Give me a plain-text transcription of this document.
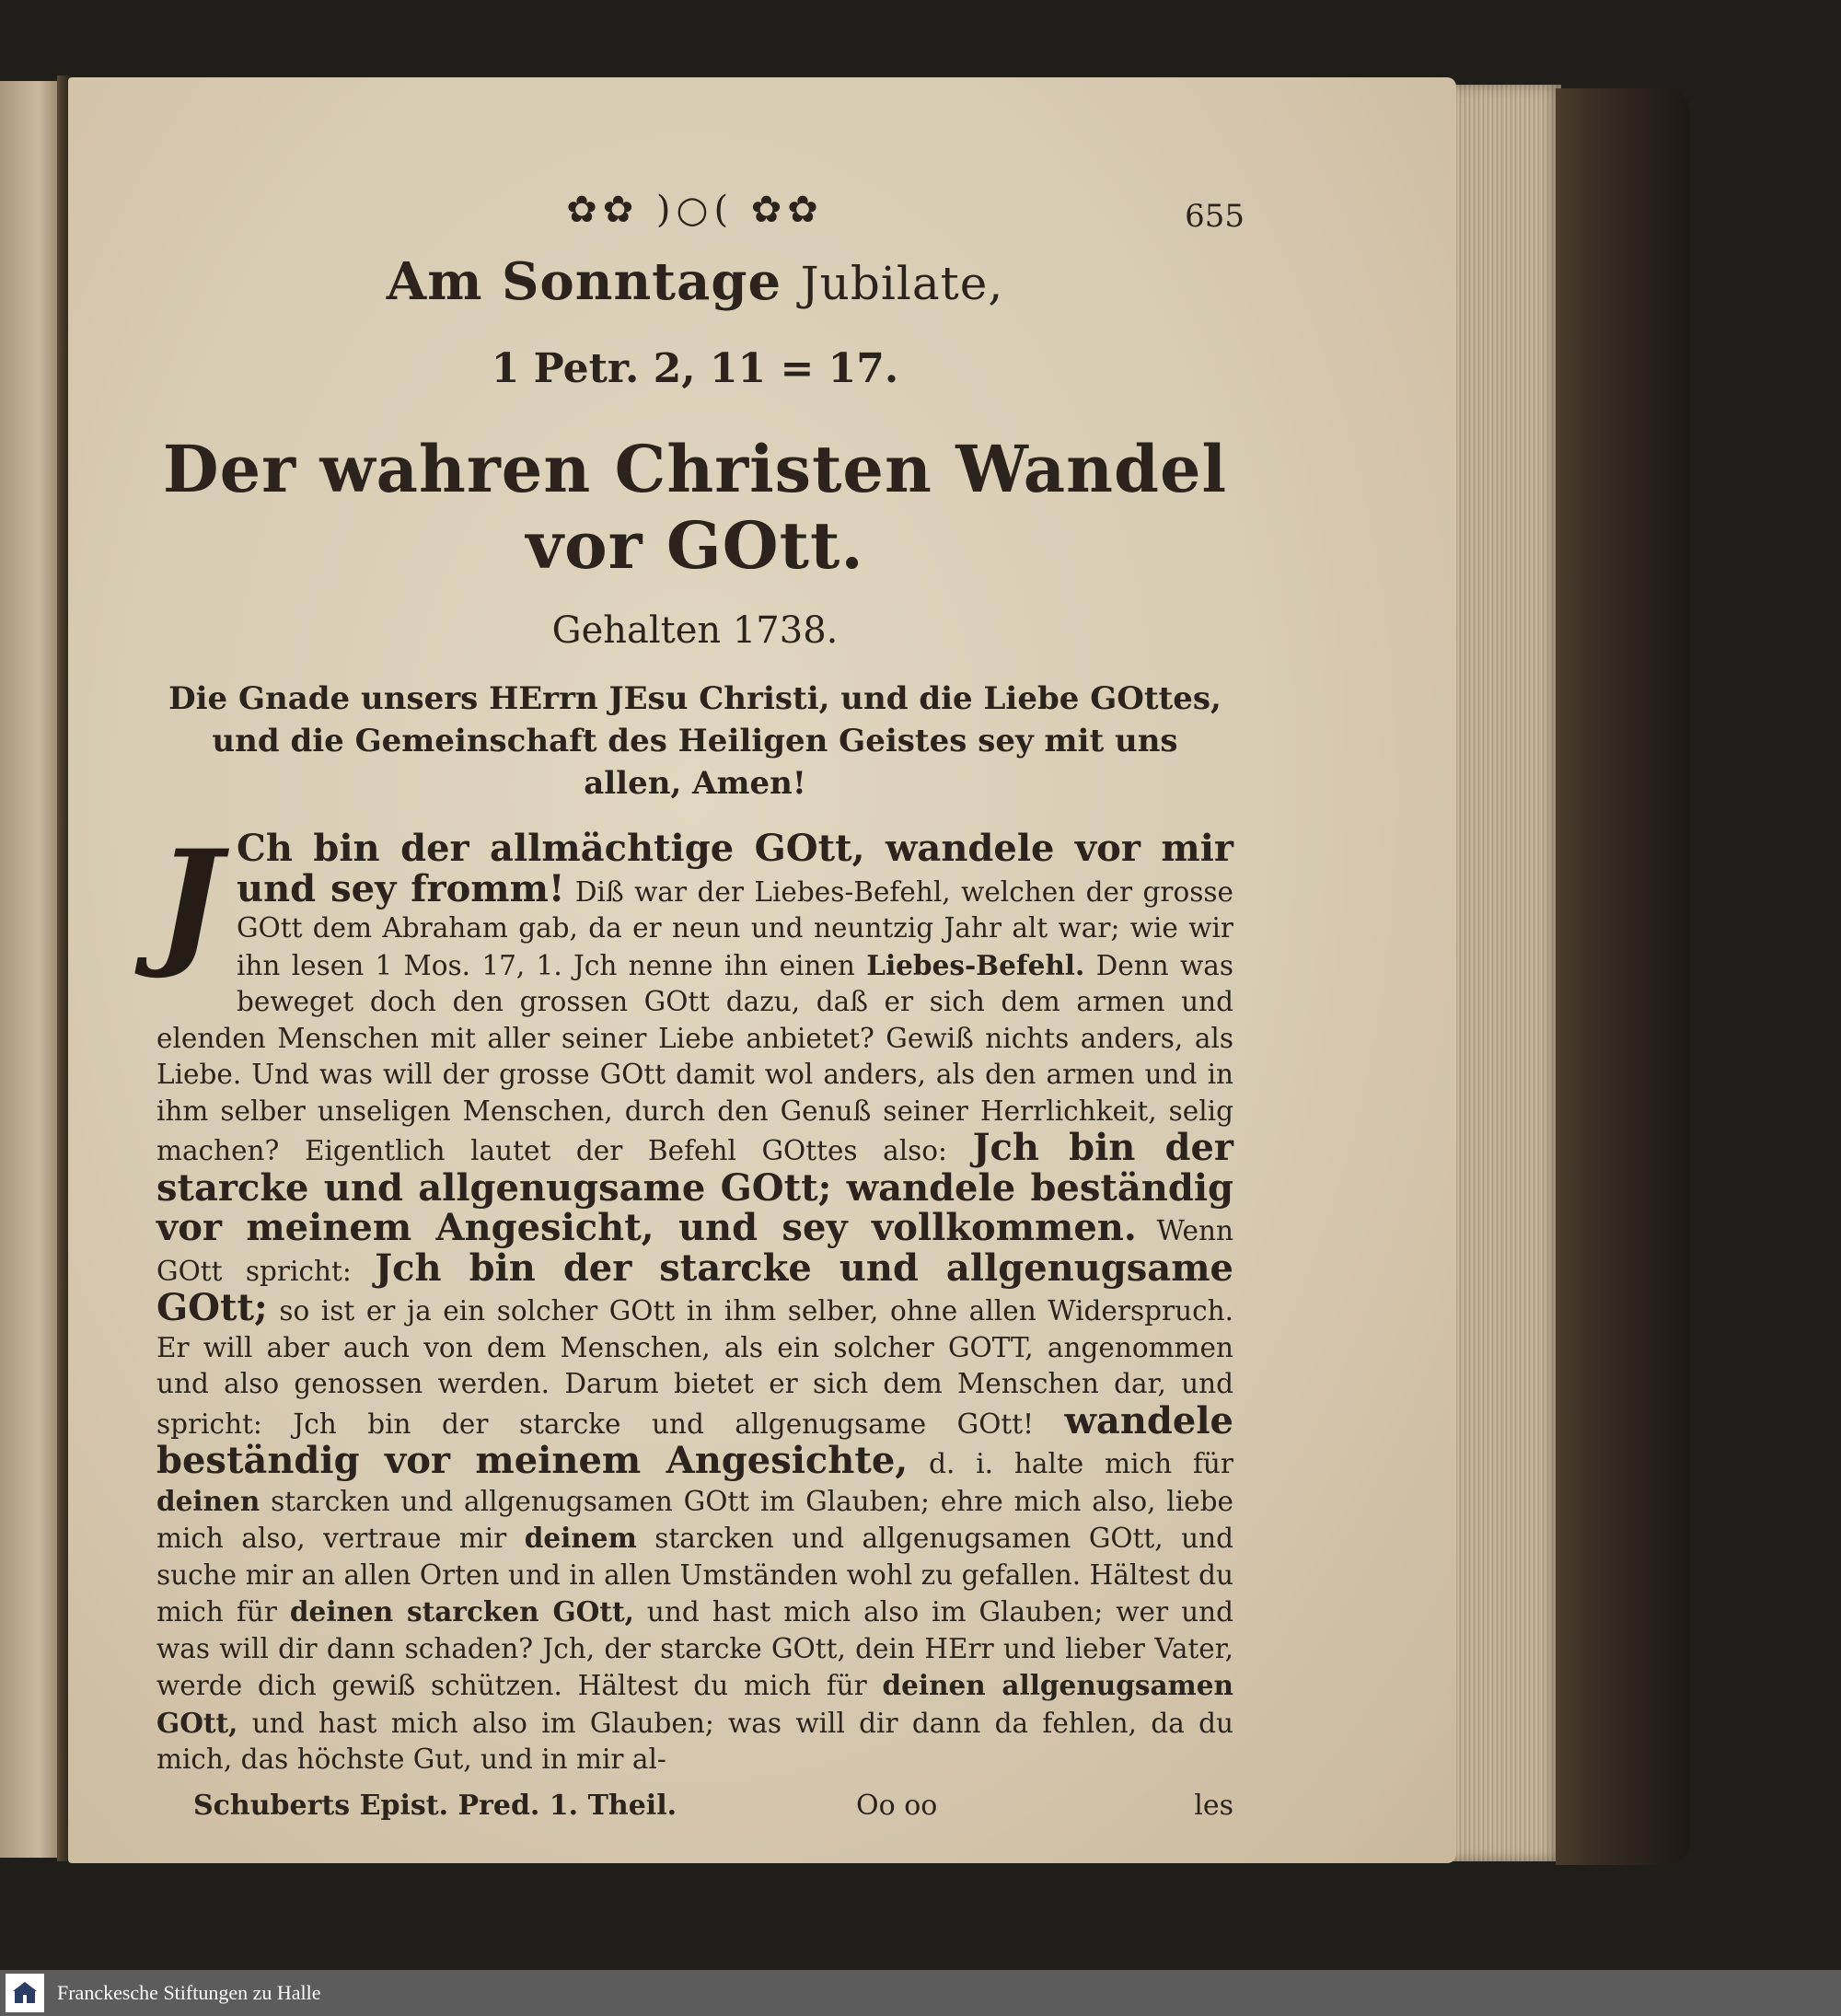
✿✿ )○( ✿✿	655
Am Sonntage Jubilate,
1 Petr. 2, 11 = 17.
Der wahren Christen Wandel vor GOtt.
Gehalten 1738.
Die Gnade unsers HErrn JEsu Christi, und die Liebe GOttes, und die Gemeinschaft des Heiligen Geistes sey mit uns allen, Amen!
J Ch bin der allmächtige GOtt, wandele vor mir und sey fromm! Diß war der Liebes-Befehl, welchen der grosse GOtt dem Abraham gab, da er neun und neuntzig Jahr alt war; wie wir ihn lesen 1 Mos. 17, 1. Jch nenne ihn einen Liebes-Befehl. Denn was beweget doch den grossen GOtt dazu, daß er sich dem armen und elenden Menschen mit aller seiner Liebe anbietet? Gewiß nichts anders, als Liebe. Und was will der grosse GOtt damit wol anders, als den armen und in ihm selber unseligen Menschen, durch den Genuß seiner Herrlichkeit, selig machen? Eigentlich lautet der Befehl GOttes also: Jch bin der starcke und allgenugsame GOtt; wandele beständig vor meinem Angesicht, und sey vollkommen. Wenn GOtt spricht: Jch bin der starcke und allgenugsame GOtt; so ist er ja ein solcher GOtt in ihm selber, ohne allen Widerspruch. Er will aber auch von dem Menschen, als ein solcher GOTT, angenommen und also genossen werden. Darum bietet er sich dem Menschen dar, und spricht: Jch bin der starcke und allgenugsame GOtt! wandele beständig vor meinem Angesichte, d. i. halte mich für deinen starcken und allgenugsamen GOtt im Glauben; ehre mich also, liebe mich also, vertraue mir deinem starcken und allgenugsamen GOtt, und suche mir an allen Orten und in allen Umständen wohl zu gefallen. Hältest du mich für deinen starcken GOtt, und hast mich also im Glauben; wer und was will dir dann schaden? Jch, der starcke GOtt, dein HErr und lieber Vater, werde dich gewiß schützen. Hältest du mich für deinen allgenugsamen GOtt, und hast mich also im Glauben; was will dir dann da fehlen, da du mich, das höchste Gut, und in mir al-
Schuberts Epist. Pred. 1. Theil.	Oo oo	les
Franckesche Stiftungen zu Halle
